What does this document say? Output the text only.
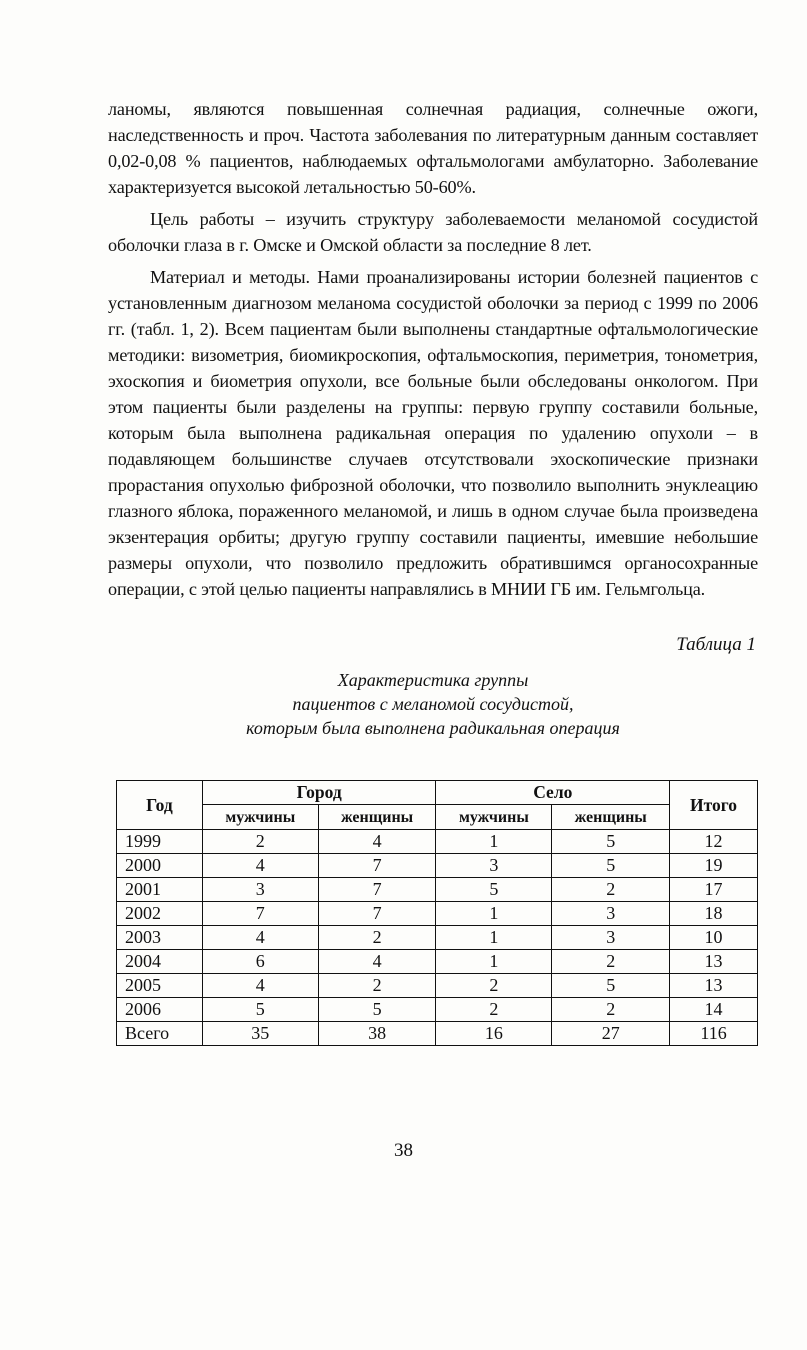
ланомы, являются повышенная солнечная радиация, солнечные ожоги, наследственность и проч. Частота заболевания по литературным данным составляет 0,02-0,08 % пациентов, наблюдаемых офтальмологами амбулаторно. Заболевание характеризуется высокой летальностью 50-60%.

Цель работы – изучить структуру заболеваемости меланомой сосудистой оболочки глаза в г. Омске и Омской области за последние 8 лет.

Материал и методы. Нами проанализированы истории болезней пациентов с установленным диагнозом меланома сосудистой оболочки за период с 1999 по 2006 гг. (табл. 1, 2). Всем пациентам были выполнены стандартные офтальмологические методики: визометрия, биомикроскопия, офтальмоскопия, периметрия, тонометрия, эхоскопия и биометрия опухоли, все больные были обследованы онкологом. При этом пациенты были разделены на группы: первую группу составили больные, которым была выполнена радикальная операция по удалению опухоли – в подавляющем большинстве случаев отсутствовали эхоскопические признаки прорастания опухолью фиброзной оболочки, что позволило выполнить энуклеацию глазного яблока, пораженного меланомой, и лишь в одном случае была произведена экзентерация орбиты; другую группу составили пациенты, имевшие небольшие размеры опухоли, что позволило предложить обратившимся органосохранные операции, с этой целью пациенты направлялись в МНИИ ГБ им. Гельмгольца.

Таблица 1
Характеристика группы
пациентов с меланомой сосудистой,
которым была выполнена радикальная операция
Год	Город		Село		Итого
	мужчины	женщины	мужчины	женщины	
1999	2	4	1	5	12
2000	4	7	3	5	19
2001	3	7	5	2	17
2002	7	7	1	3	18
2003	4	2	1	3	10
2004	6	4	1	2	13
2005	4	2	2	5	13
2006	5	5	2	2	14
Всего	35	38	16	27	116
38
